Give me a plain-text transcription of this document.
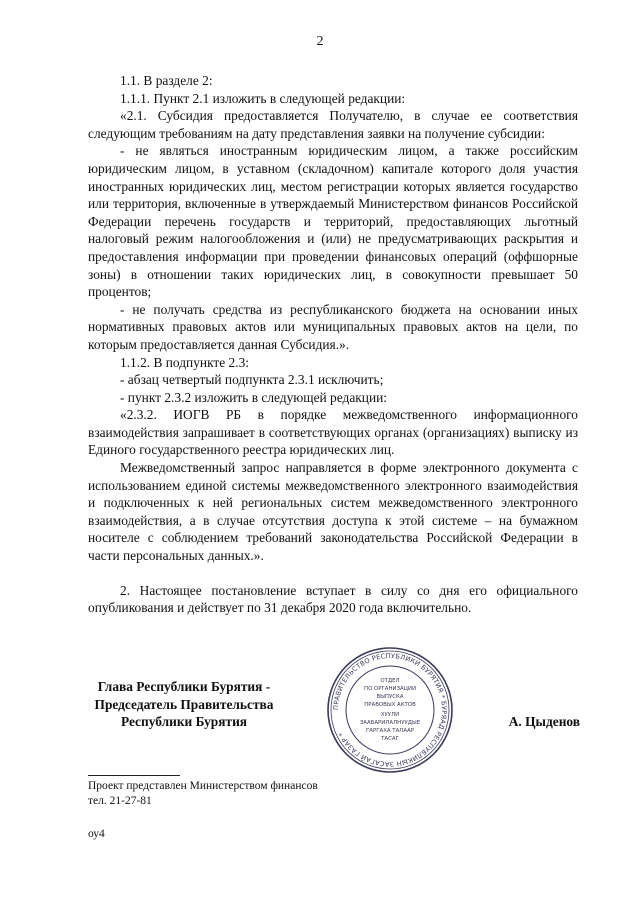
2

1.1. В разделе 2:

1.1.1. Пункт 2.1 изложить в следующей редакции:

«2.1. Субсидия предоставляется Получателю, в случае ее соответствия следующим требованиям на дату представления заявки на получение субсидии:

- не являться иностранным юридическим лицом, а также российским юридическим лицом, в уставном (складочном) капитале которого доля участия иностранных юридических лиц, местом регистрации которых является государство или территория, включенные в утверждаемый Министерством финансов Российской Федерации перечень государств и территорий, предоставляющих льготный налоговый режим налогообложения и (или) не предусматривающих раскрытия и предоставления информации при проведении финансовых операций (оффшорные зоны) в отношении таких юридических лиц, в совокупности превышает 50 процентов;

- не получать средства из республиканского бюджета на основании иных нормативных правовых актов или муниципальных правовых актов на цели, по которым предоставляется данная Субсидия.».

1.1.2. В подпункте 2.3:

- абзац четвертый подпункта 2.3.1 исключить;

- пункт 2.3.2 изложить в следующей редакции:

«2.3.2. ИОГВ РБ в порядке межведомственного информационного взаимодействия запрашивает в соответствующих органах (организациях) выписку из Единого государственного реестра юридических лиц.

Межведомственный запрос направляется в форме электронного документа с использованием единой системы межведомственного электронного взаимодействия и подключенных к ней региональных систем межведомственного электронного взаимодействия, а в случае отсутствия доступа к этой системе – на бумажном носителе с соблюдением требований законодательства Российской Федерации в части персональных данных.».

2. Настоящее постановление вступает в силу со дня его официального опубликования и действует по 31 декабря 2020 года включительно.

Глава Республики Бурятия -
Председатель Правительства
Республики Бурятия
ПРАВИТЕЛЬСТВО РЕСПУБЛИКИ БУРЯТИЯ * БУРЯАД РЕСПУБЛИКЫН ЗАСАГАЙ ГАЗАР *
ОТДЕЛ
ПО ОРГАНИЗАЦИИ
ВЫПУСКА
ПРАВОВЫХ АКТОВ
ХУУЛИ
ЗААБАРИЛАЛНУУДЫЕ
ГАРГАХА ТАЛААР
ТАСАГ
А. Цыденов
Проект представлен Министерством финансов
тел. 21-27-81
оу4
